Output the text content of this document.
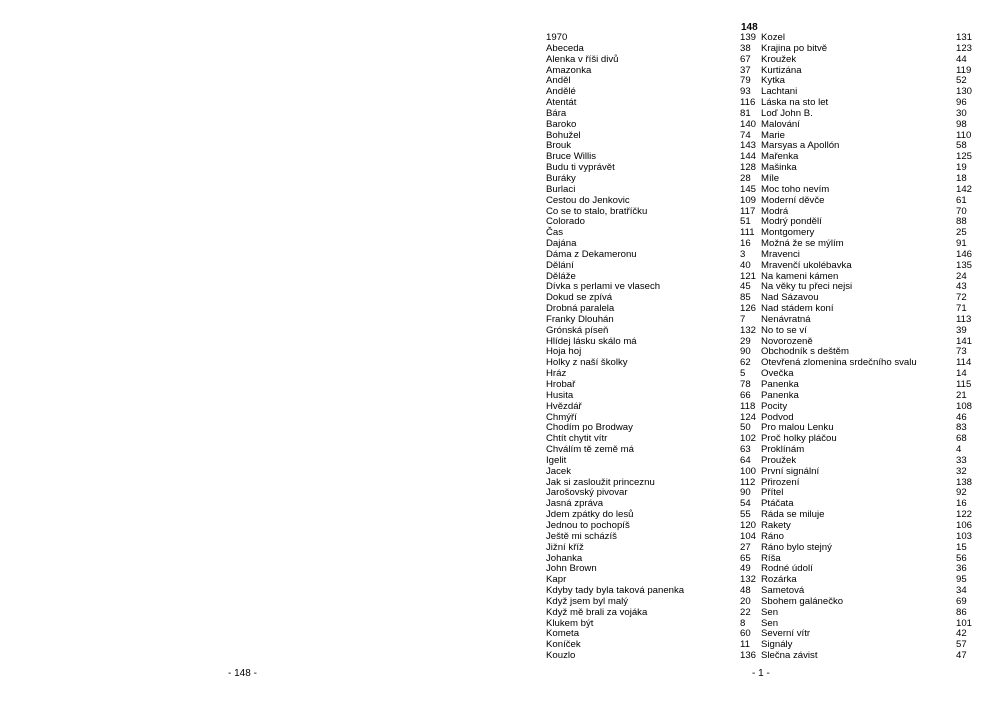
- 148 -
148
1970	139 Kozel	131
Abeceda	38 Krajina po bitvě	123
Alenka v říši divů	67 Kroužek	44
Amazonka	37 Kurtizána	119
Anděl	79 Kytka	52
Andělé	93 Lachtani	130
Atentát	116 Láska na sto let	96
Bára	81 Loď John B.	30
Baroko	140 Malování	98
Bohužel	74 Marie	110
Brouk	143 Marsyas a Apollón	58
Bruce Willis	144 Mařenka	125
Budu ti vyprávět	128 Mašinka	19
Buráky	28 Míle	18
Burlaci	145 Moc toho nevím	142
Cestou do Jenkovic	109 Moderní děvče	61
Co se to stalo, bratříčku	117 Modrá	70
Colorado	51 Modrý pondělí	88
Čas	111 Montgomery	25
Dajána	16 Možná že se mýlím	91
Dáma z Dekameronu	3 Mravenci	146
Dělání	40 Mravenčí ukolébavka	135
Děláže	121 Na kameni kámen	24
Dívka s perlami ve vlasech	45 Na věky tu přeci nejsi	43
Dokud se zpívá	85 Nad Sázavou	72
Drobná paralela	126 Nad stádem koní	71
Franky Dlouhán	7 Nenávratná	113
Grónská píseň	132 No to se ví	39
Hlídej lásku skálo má	29 Novorozeně	141
Hoja hoj	90 Obchodník s deštěm	73
Holky z naší školky	62 Otevřená zlomenina srdečního svalu	114
Hráz	5 Ovečka	14
Hrobař	78 Panenka	115
Husita	66 Panenka	21
Hvězdář	118 Pocity	108
Chmýří	124 Podvod	46
Chodím po Brodway	50 Pro malou Lenku	83
Chtít chytit vítr	102 Proč holky pláčou	68
Chválím tě země má	63 Proklínám	4
Igelit	64 Proužek	33
Jacek	100 První signální	32
Jak si zasloužit princeznu	112 Přirození	138
Jarošovský pivovar	90 Přítel	92
Jasná zpráva	54 Ptáčata	16
Jdem zpátky do lesů	55 Ráda se miluje	122
Jednou to pochopíš	120 Rakety	106
Ještě mi scházíš	104 Ráno	103
Jižní kříž	27 Ráno bylo stejný	15
Johanka	65 Ríša	56
John Brown	49 Rodné údolí	36
Kapr	132 Rozárka	95
Kdyby tady byla taková panenka	48 Sametová	34
Když jsem byl malý	20 Sbohem galánečko	69
Když mě brali za vojáka	22 Sen	86
Klukem být	8 Sen	101
Kometa	60 Severní vítr	42
Koníček	11 Signály	57
Kouzlo	136 Slečna závist	47
- 1 -
